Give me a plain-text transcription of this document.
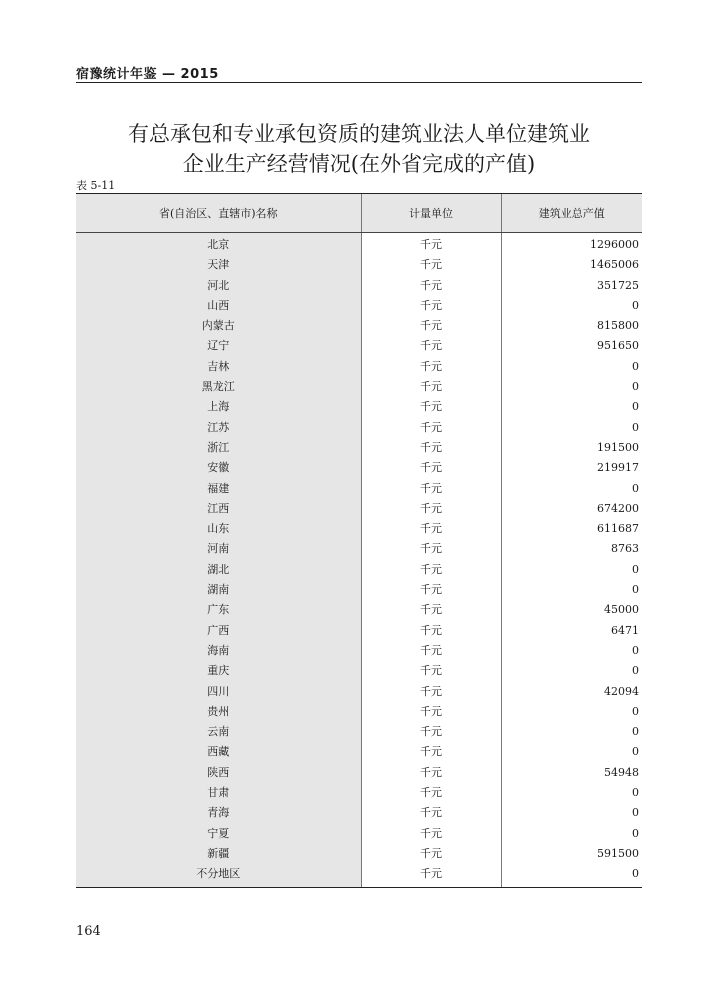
宿豫统计年鉴 — 2015
有总承包和专业承包资质的建筑业法人单位建筑业
企业生产经营情况(在外省完成的产值)
表 5-11
省(自治区、直辖市)名称	计量单位	建筑业总产值
北京	千元	1296000
天津	千元	1465006
河北	千元	351725
山西	千元	0
内蒙古	千元	815800
辽宁	千元	951650
吉林	千元	0
黑龙江	千元	0
上海	千元	0
江苏	千元	0
浙江	千元	191500
安徽	千元	219917
福建	千元	0
江西	千元	674200
山东	千元	611687
河南	千元	8763
湖北	千元	0
湖南	千元	0
广东	千元	45000
广西	千元	6471
海南	千元	0
重庆	千元	0
四川	千元	42094
贵州	千元	0
云南	千元	0
西藏	千元	0
陕西	千元	54948
甘肃	千元	0
青海	千元	0
宁夏	千元	0
新疆	千元	591500
不分地区	千元	0
164
